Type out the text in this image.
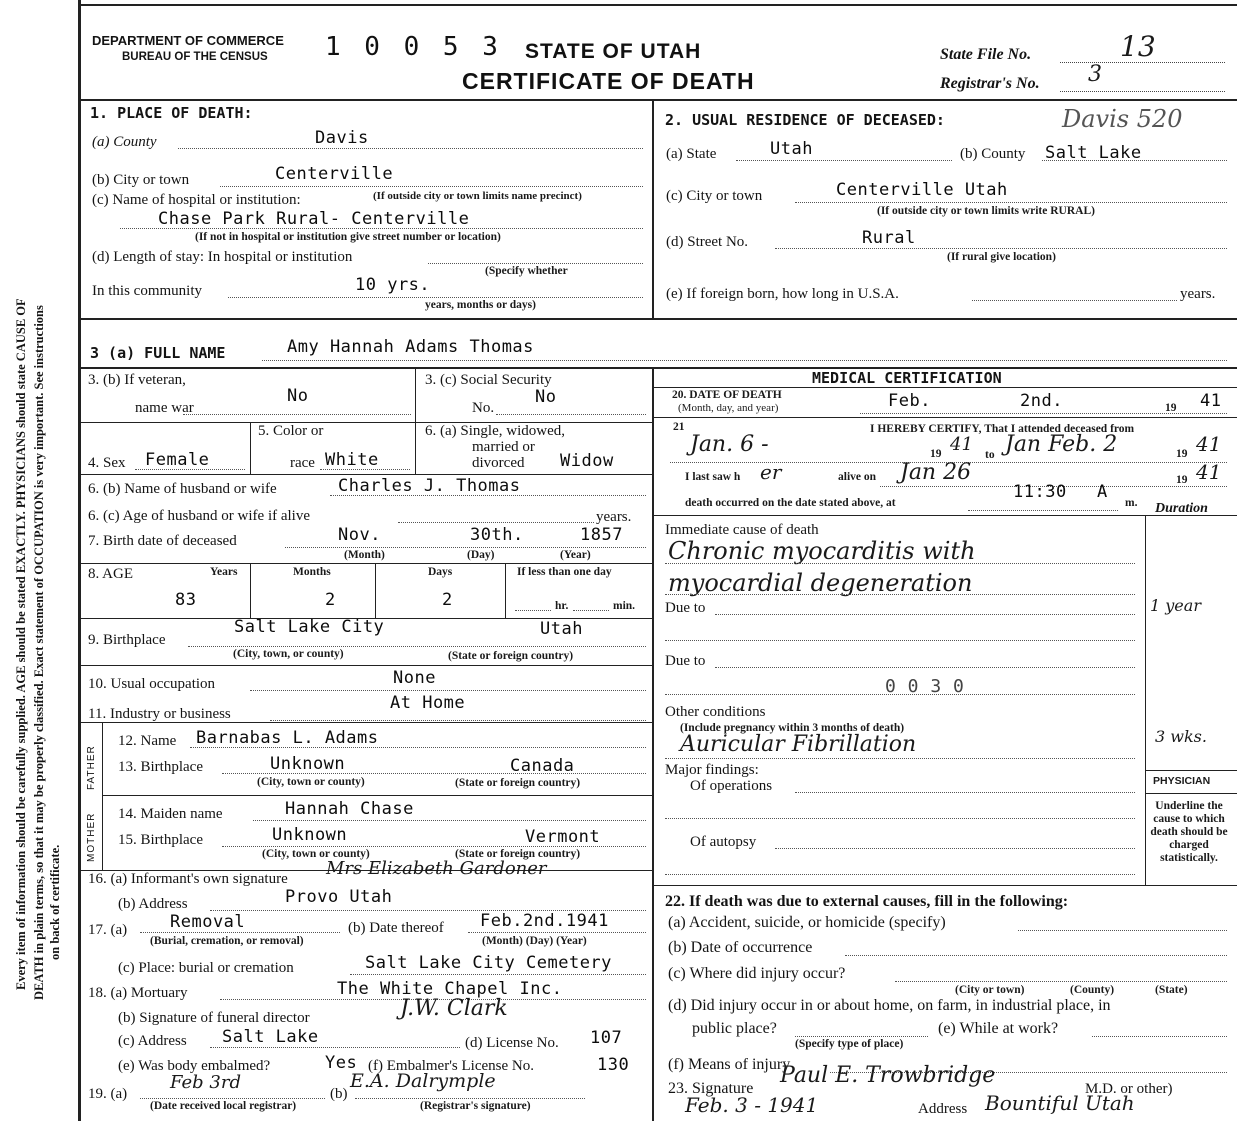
Every item of information should be carefully supplied. AGE should be stated EXACTLY. PHYSICIANS should state CAUSE OF DEATH in plain terms, so that it may be properly classified. Exact statement of OCCUPATION is very important. See instructions on back of certificate.
DEPARTMENT OF COMMERCE
BUREAU OF THE CENSUS 1 0 0 5 3 STATE OF UTAH
CERTIFICATE OF DEATH
State File No.	13
Registrar's No. 3
1. PLACE OF DEATH:
(a) County	Davis
(b) City or town	Centerville
(c) Name of hospital or institution:	(If outside city or town limits name precinct)
Chase Park Rural- Centerville
(If not in hospital or institution give street number or location)
(d) Length of stay: In hospital or institution
(Specify whether
In this community	10 yrs.
years, months or days)
2. USUAL RESIDENCE OF DECEASED:	Davis 520
(a) State	Utah	(b) County Salt Lake
(c) City or town	Centerville Utah
(If outside city or town limits write RURAL)
(d) Street No.	Rural
(If rural give location)
(e) If foreign born, how long in U.S.A.	years.
3 (a) FULL NAME	Amy Hannah Adams Thomas
3. (b) If veteran,
name war
No
3. (c) Social Security
No.
No
4. Sex Female
5. Color or
race White
6. (a) Single, widowed,
married or
divorced Widow
6. (b) Name of husband or wife	Charles J. Thomas
6. (c) Age of husband or wife if alive	years.
7. Birth date of deceased	Nov.	30th.	1857
(Month)	(Day)	(Year)
8. AGE	Years	Months	Days	If less than one day
83	2	2	hr.	min.
9. Birthplace
Salt Lake City	Utah
(City, town, or county)	(State or foreign country)
10. Usual occupation	None
11. Industry or business
At Home
FATHER
MOTHER
12. Name Barnabas L. Adams
13. Birthplace	Unknown	Canada
(City, town or county)	(State or foreign country)
14. Maiden name	Hannah Chase
15. Birthplace	Unknown	Vermont
(City, town or county)	(State or foreign country)
16. (a) Informant's own signature Mrs Elizabeth Gardoner
(b) Address	Provo Utah
17. (a)	Removal
(Burial, cremation, or removal)
(b) Date thereof Feb.2nd.1941
(Month) (Day) (Year)
(c) Place: burial or cremation	Salt Lake City Cemetery
18. (a) Mortuary	The White Chapel Inc.
(b) Signature of funeral director	J.W. Clark
(c) Address Salt Lake	(d) License No. 107
(e) Was body embalmed?	Yes (f) Embalmer's License No.	130
19. (a)
Feb 3rd
(Date received local registrar)
(b)
E.A. Dalrymple
(Registrar's signature)
MEDICAL CERTIFICATION
20. DATE OF DEATH
(Month, day, and year)	Feb.	2nd.	19 41
21	I HEREBY CERTIFY, That I attended deceased from
Jan. 6 -	19 41 to Jan Feb. 2	19 41
I last saw h er	alive on Jan 26	19 41
death occurred on the date stated above, at
11:30 A
m. Duration
Immediate cause of death
Chronic myocarditis with
myocardial degeneration
1 year
Due to
Due to
0 0 3 0
Other conditions
(Include pregnancy within 3 months of death)
Auricular Fibrillation	3 wks.
Major findings:
Of operations
Of autopsy
PHYSICIAN
Underline the cause to which death should be charged statistically.
22. If death was due to external causes, fill in the following:
(a) Accident, suicide, or homicide (specify)
(b) Date of occurrence
(c) Where did injury occur?
(City or town)	(County)	(State)
(d) Did injury occur in or about home, on farm, in industrial place, in
public place?
(Specify type of place)
(e) While at work?
(f) Means of injury
23. Signature
Paul E. Trowbridge
M.D. or other)
Feb. 3 - 1941	Address Bountiful Utah
